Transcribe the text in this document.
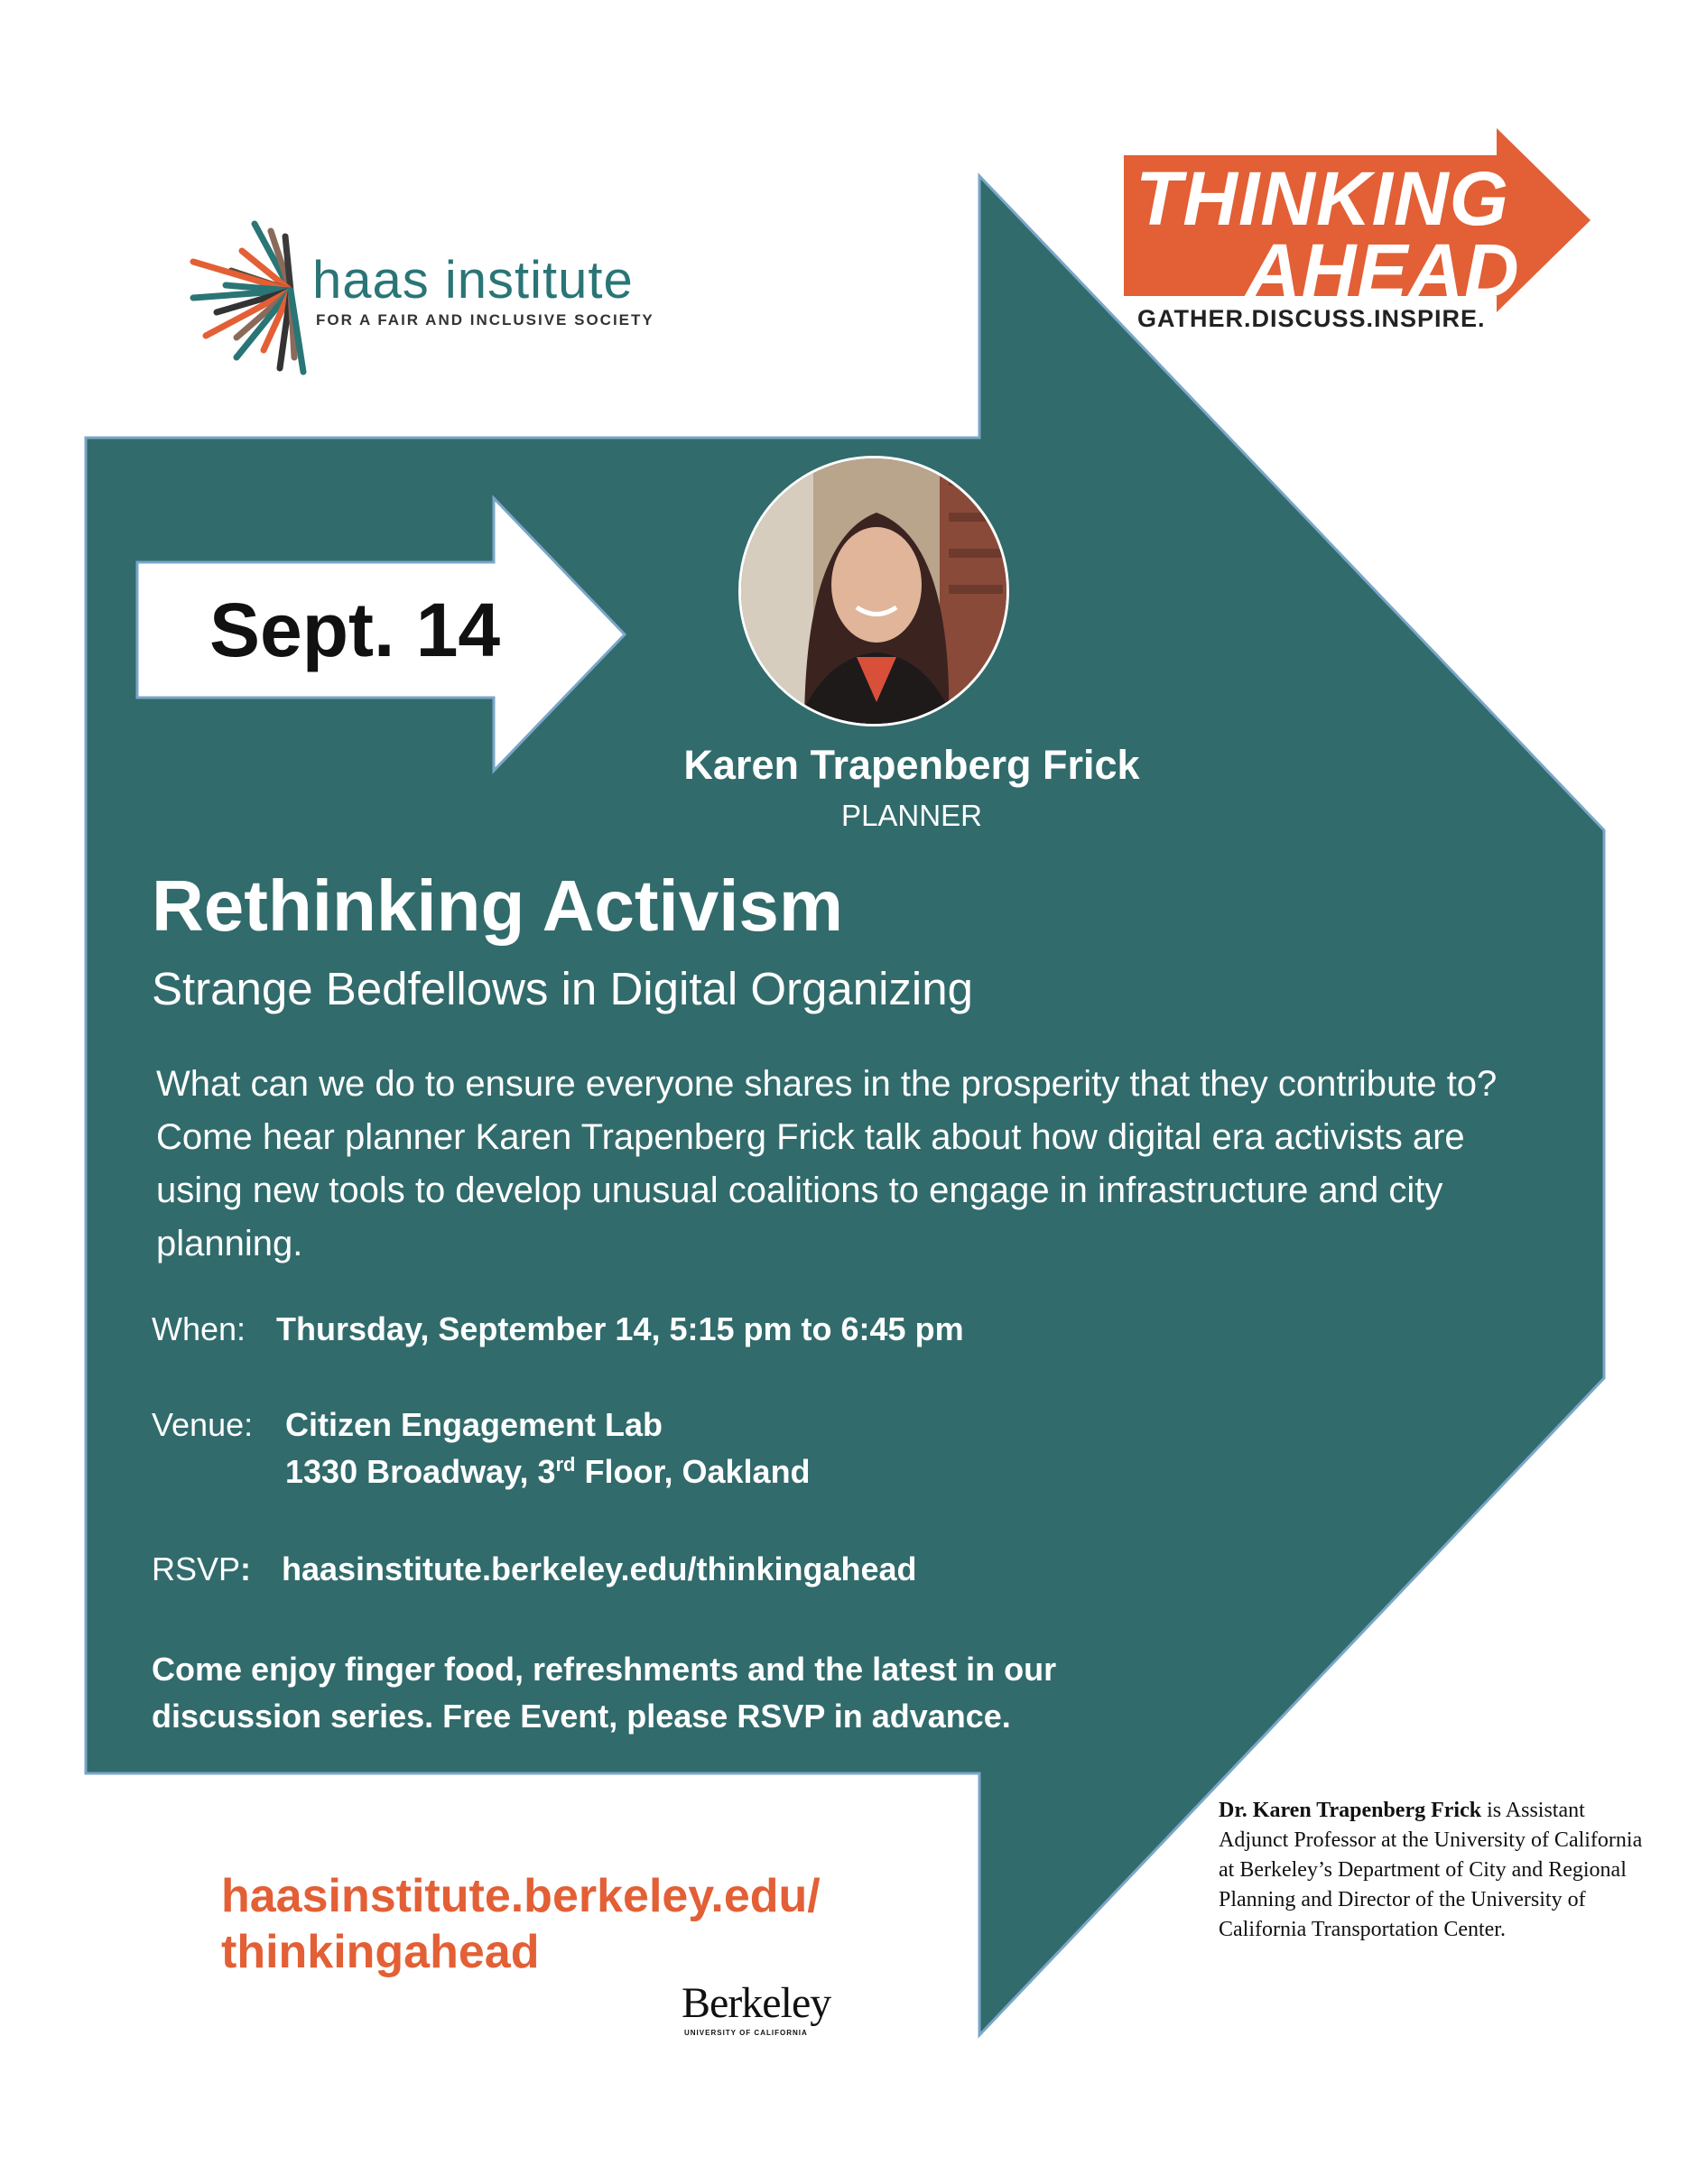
haas institute
FOR A FAIR AND INCLUSIVE SOCIETY
THINKING
AHEAD
GATHER.DISCUSS.INSPIRE.
Sept. 14
Karen Trapenberg Frick
PLANNER
Rethinking Activism
Strange Bedfellows in Digital Organizing
What can we do to ensure everyone shares in the prosperity that they contribute to? Come hear planner Karen Trapenberg Frick talk about how digital era activists are using new tools to develop unusual coalitions to engage in infrastructure and city planning.
When: Thursday, September 14, 5:15 pm to 6:45 pm
Venue: Citizen Engagement Lab
1330 Broadway, 3rd Floor, Oakland
RSVP: haasinstitute.berkeley.edu/thinkingahead
Come enjoy finger food, refreshments and the latest in our discussion series. Free Event, please RSVP in advance.
haasinstitute.berkeley.edu/
thinkingahead
Berkeley
UNIVERSITY OF CALIFORNIA
Dr. Karen Trapenberg Frick is Assistant Adjunct Professor at the University of California at Berkeley’s Department of City and Regional Planning and Director of the University of California Transportation Center.
